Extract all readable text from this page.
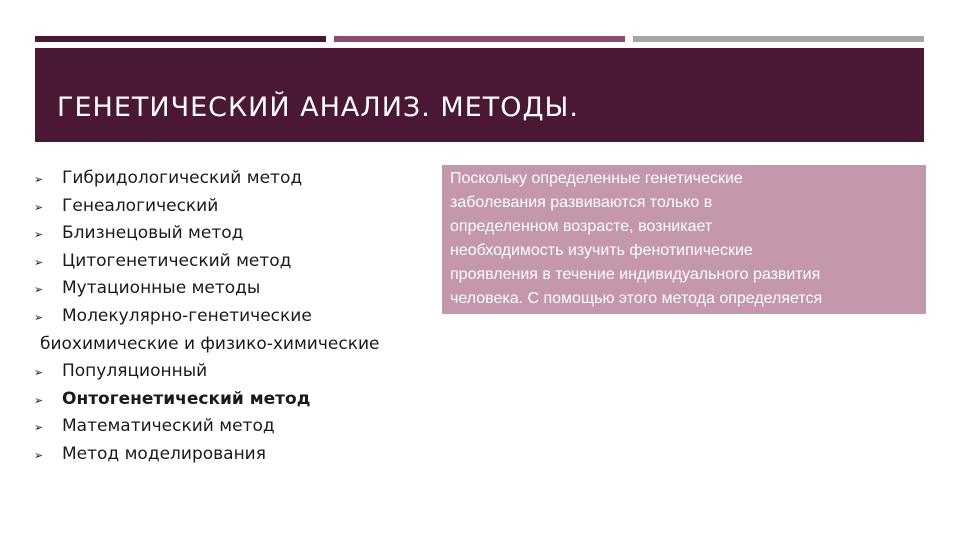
ГЕНЕТИЧЕСКИЙ АНАЛИЗ. МЕТОДЫ.
➢	Гибридологический метод
➢	Генеалогический
➢	Близнецовый метод
➢	Цитогенетический метод
➢	Мутационные методы
➢	Молекулярно-генетические
биохимические и физико-химические
➢	Популяционный
➢	Онтогенетический метод
➢	Математический метод
➢	Метод моделирования
Поскольку определенные генетические
заболевания развиваются только в
определенном возрасте, возникает
необходимость изучить фенотипические
проявления в течение индивидуального развития
человека. С помощью этого метода определяется
